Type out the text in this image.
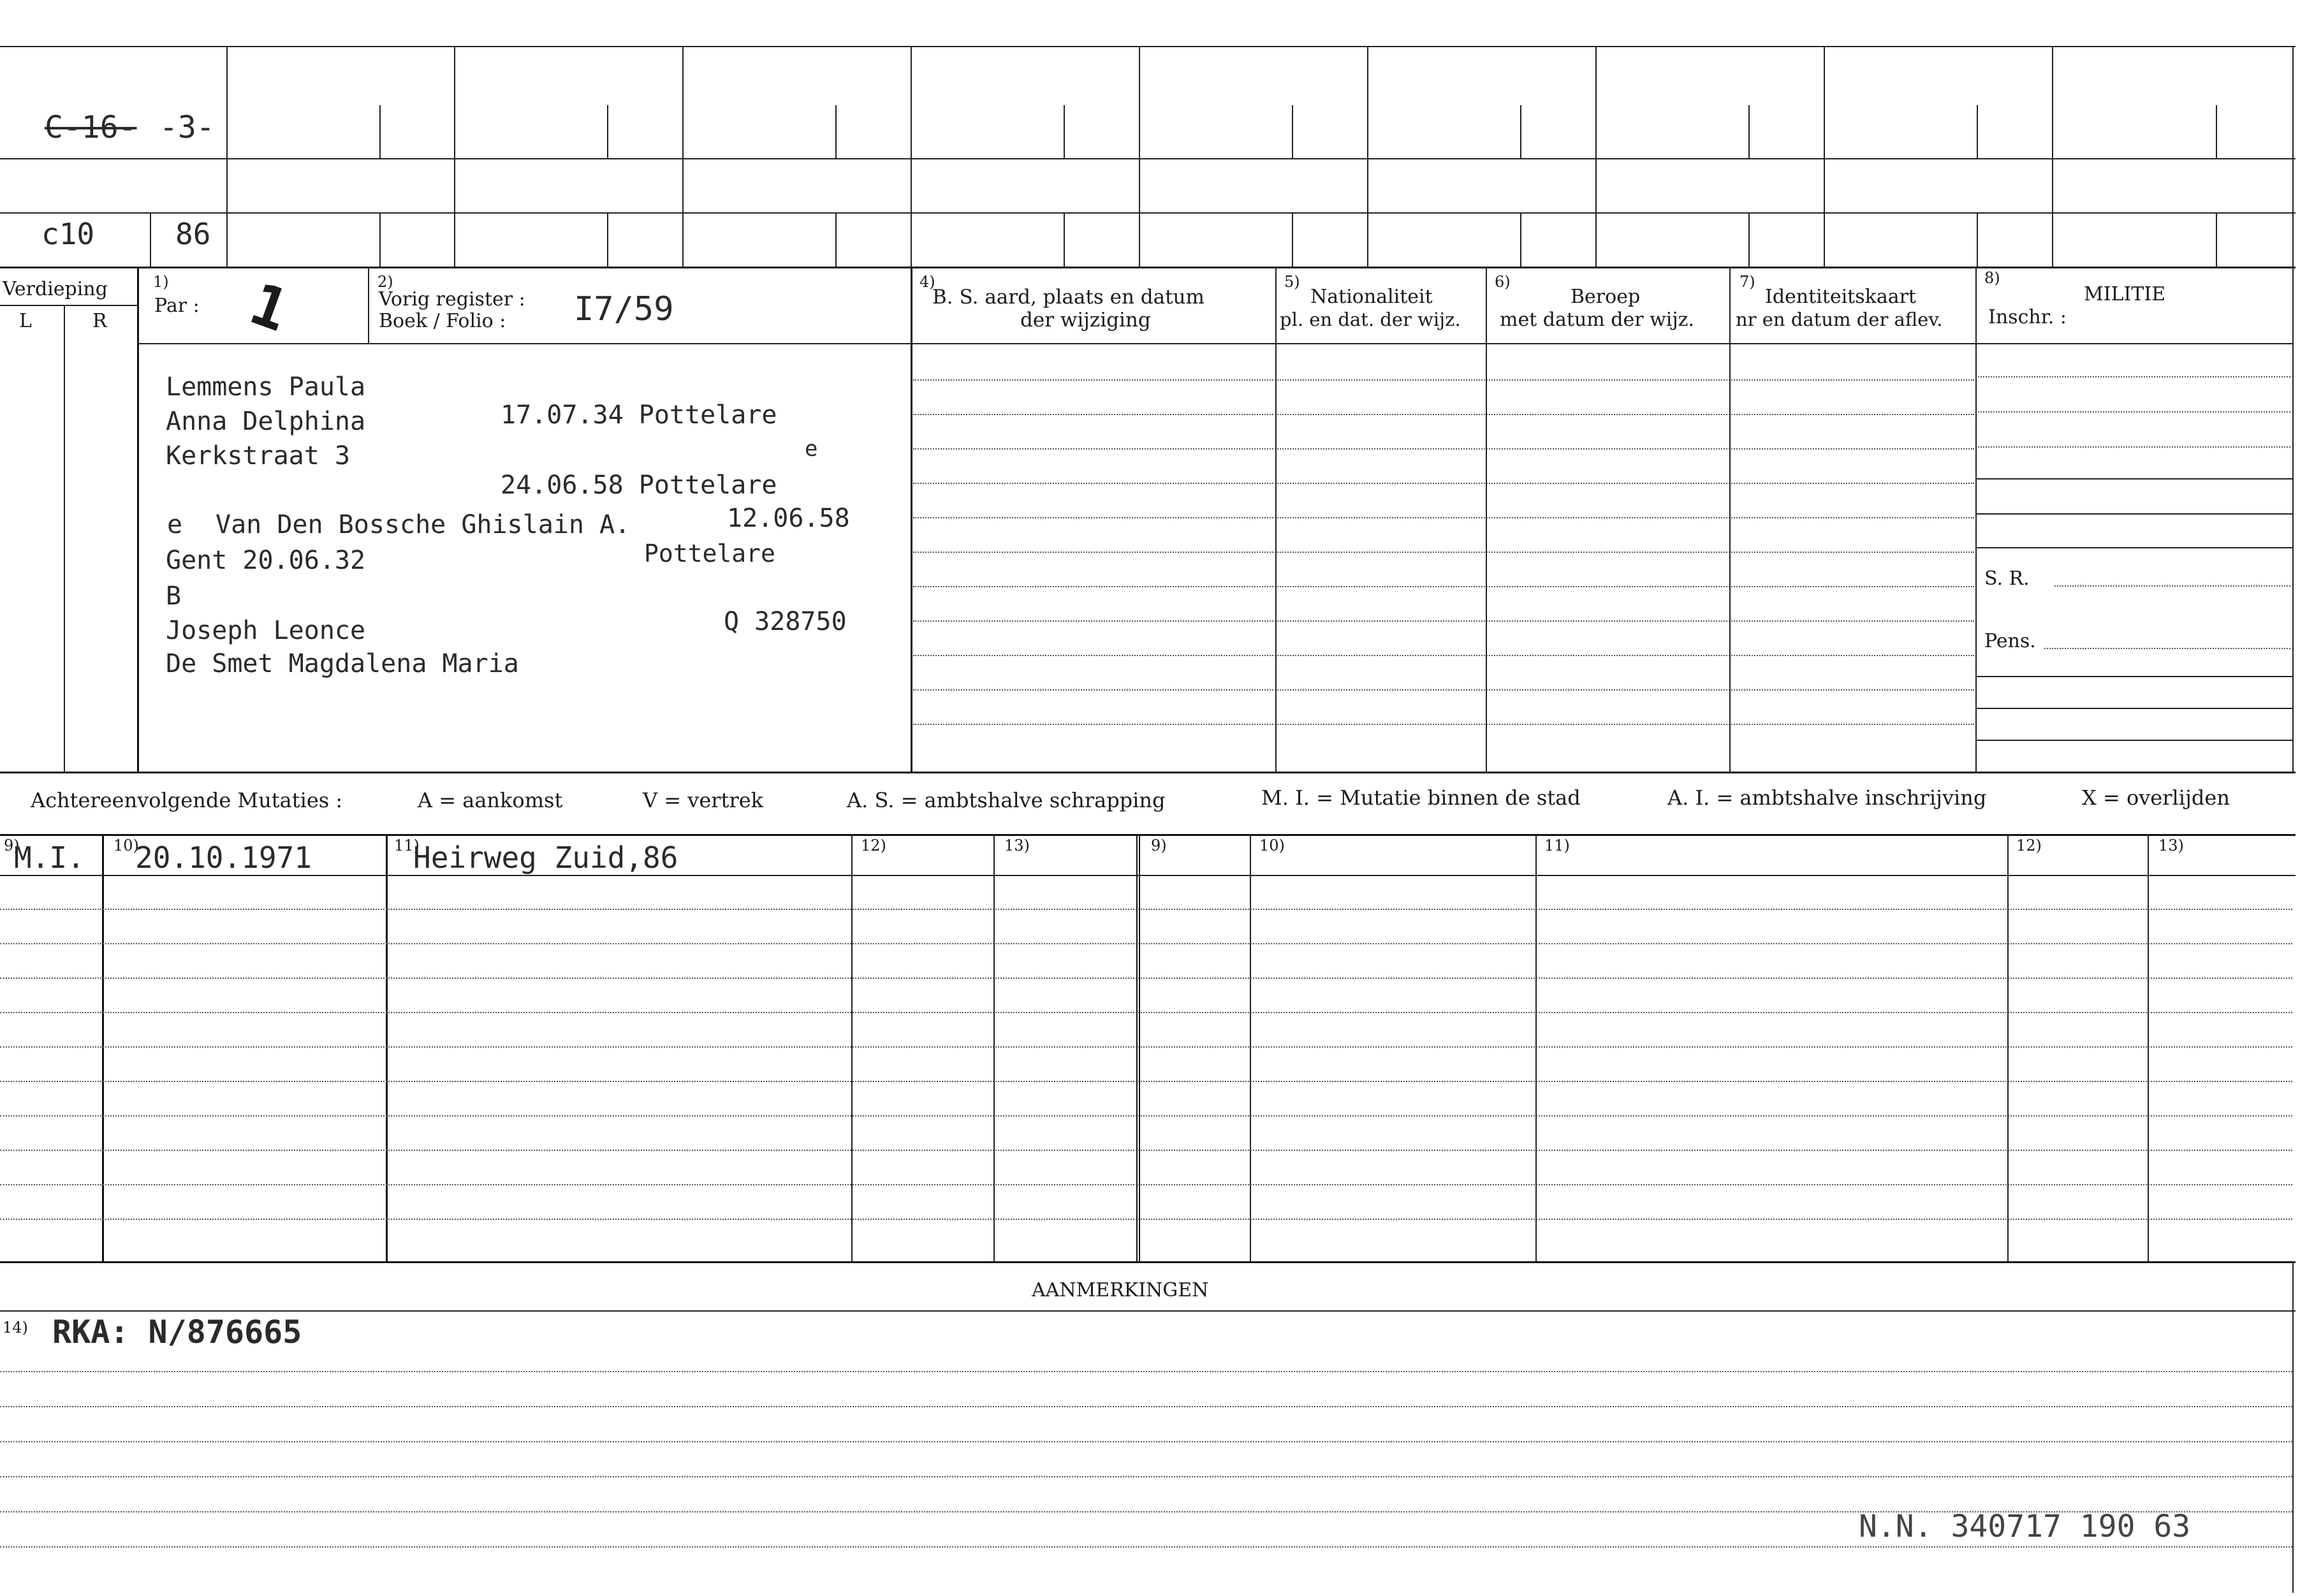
C-16- -3-
c10	86
Verdieping
L	R
1)
Par : 1	2)
Vorig register :
Boek / Folio : I7/59
4)
B. S. aard, plaats en datum
der wijziging
5)
Nationaliteit
pl. en dat. der wijz.
6)
Beroep
met datum der wijz.
7)
Identiteitskaart
nr en datum der aflev.
8)
MILITIE
Inschr. :
S. R.
Pens.
Lemmens Paula
Anna Delphina	17.07.34 Pottelare
Kerkstraat 3	e
24.06.58 Pottelare
e Van Den Bossche Ghislain A.	12.06.58
Gent 20.06.32	Pottelare
B
Joseph Leonce	Q 328750
De Smet Magdalena Maria
Achtereenvolgende Mutaties :	A = aankomst	V = vertrek	A. S. = ambtshalve schrapping	M. I. = Mutatie binnen de stad	A. I. = ambtshalve inschrijving	X = overlijden
9)	10)	11)	12)	13)	9)	10)	11)	12)	13)
M.I. 20.10.1971	Heirweg Zuid,86
AANMERKINGEN
14) RKA: N/876665
N.N. 340717 190 63
